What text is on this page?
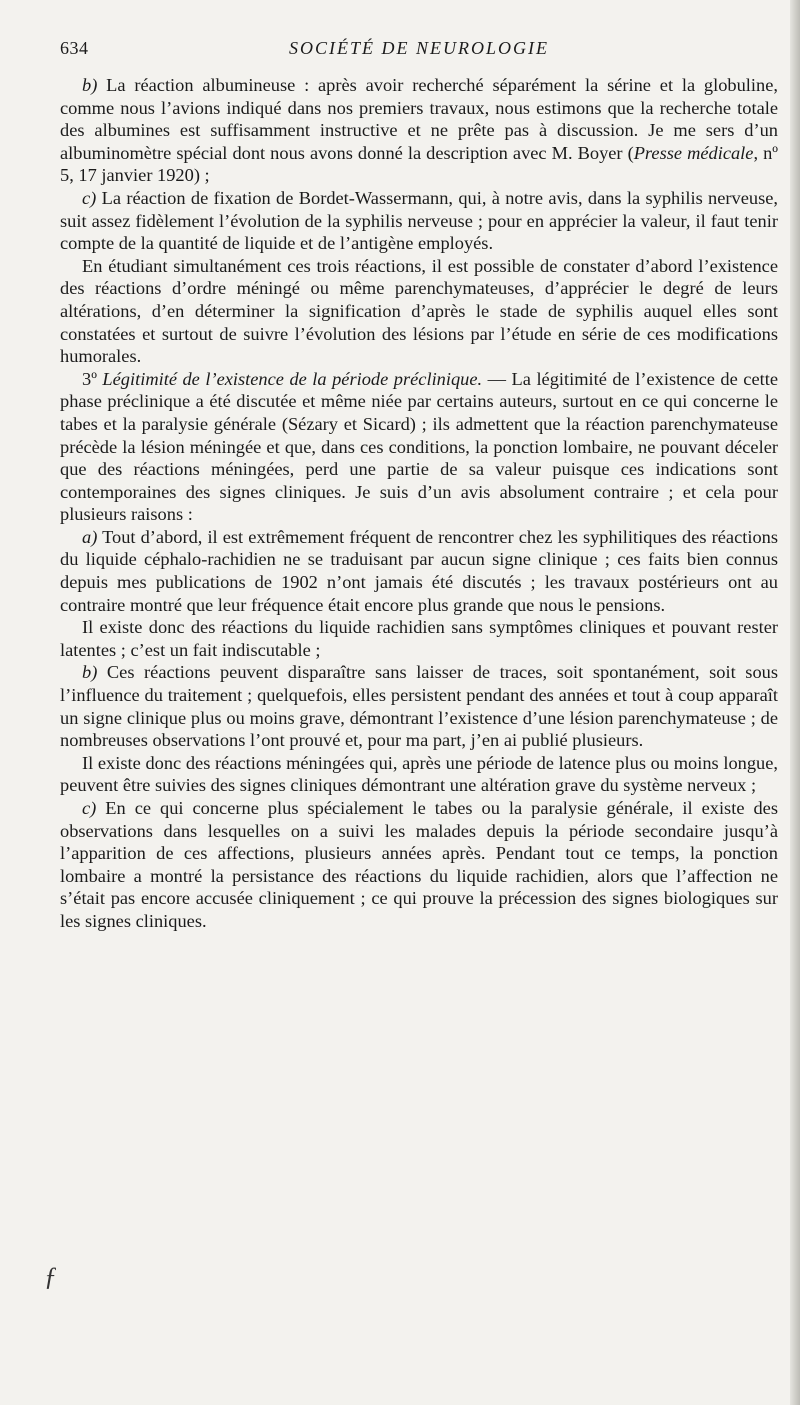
ƒ
634	SOCIÉTÉ DE NEUROLOGIE

b) La réaction albumineuse : après avoir recherché séparément la sérine et la globuline, comme nous l’avions indiqué dans nos premiers travaux, nous estimons que la recherche totale des albumines est suffisamment instructive et ne prête pas à discussion. Je me sers d’un albuminomètre spécial dont nous avons donné la description avec M. Boyer (Presse médicale, nº 5, 17 janvier 1920) ;

c) La réaction de fixation de Bordet-Wassermann, qui, à notre avis, dans la syphilis nerveuse, suit assez fidèlement l’évolution de la syphilis nerveuse ; pour en apprécier la valeur, il faut tenir compte de la quantité de liquide et de l’antigène employés.

En étudiant simultanément ces trois réactions, il est possible de constater d’abord l’existence des réactions d’ordre méningé ou même parenchymateuses, d’apprécier le degré de leurs altérations, d’en déterminer la signification d’après le stade de syphilis auquel elles sont constatées et surtout de suivre l’évolution des lésions par l’étude en série de ces modifications humorales.

3º Légitimité de l’existence de la période préclinique. — La légitimité de l’existence de cette phase préclinique a été discutée et même niée par certains auteurs, surtout en ce qui concerne le tabes et la paralysie générale (Sézary et Sicard) ; ils admettent que la réaction parenchymateuse précède la lésion méningée et que, dans ces conditions, la ponction lombaire, ne pouvant déceler que des réactions méningées, perd une partie de sa valeur puisque ces indications sont contemporaines des signes cliniques. Je suis d’un avis absolument contraire ; et cela pour plusieurs raisons :

a) Tout d’abord, il est extrêmement fréquent de rencontrer chez les syphilitiques des réactions du liquide céphalo-rachidien ne se traduisant par aucun signe clinique ; ces faits bien connus depuis mes publications de 1902 n’ont jamais été discutés ; les travaux postérieurs ont au contraire montré que leur fréquence était encore plus grande que nous le pensions.

Il existe donc des réactions du liquide rachidien sans symptômes cliniques et pouvant rester latentes ; c’est un fait indiscutable ;

b) Ces réactions peuvent disparaître sans laisser de traces, soit spontanément, soit sous l’influence du traitement ; quelquefois, elles persistent pendant des années et tout à coup apparaît un signe clinique plus ou moins grave, démontrant l’existence d’une lésion parenchymateuse ; de nombreuses observations l’ont prouvé et, pour ma part, j’en ai publié plusieurs.

Il existe donc des réactions méningées qui, après une période de latence plus ou moins longue, peuvent être suivies des signes cliniques démontrant une altération grave du système nerveux ;

c) En ce qui concerne plus spécialement le tabes ou la paralysie générale, il existe des observations dans lesquelles on a suivi les malades depuis la période secondaire jusqu’à l’apparition de ces affections, plusieurs années après. Pendant tout ce temps, la ponction lombaire a montré la persistance des réactions du liquide rachidien, alors que l’affection ne s’était pas encore accusée cliniquement ; ce qui prouve la précession des signes biologiques sur les signes cliniques.
